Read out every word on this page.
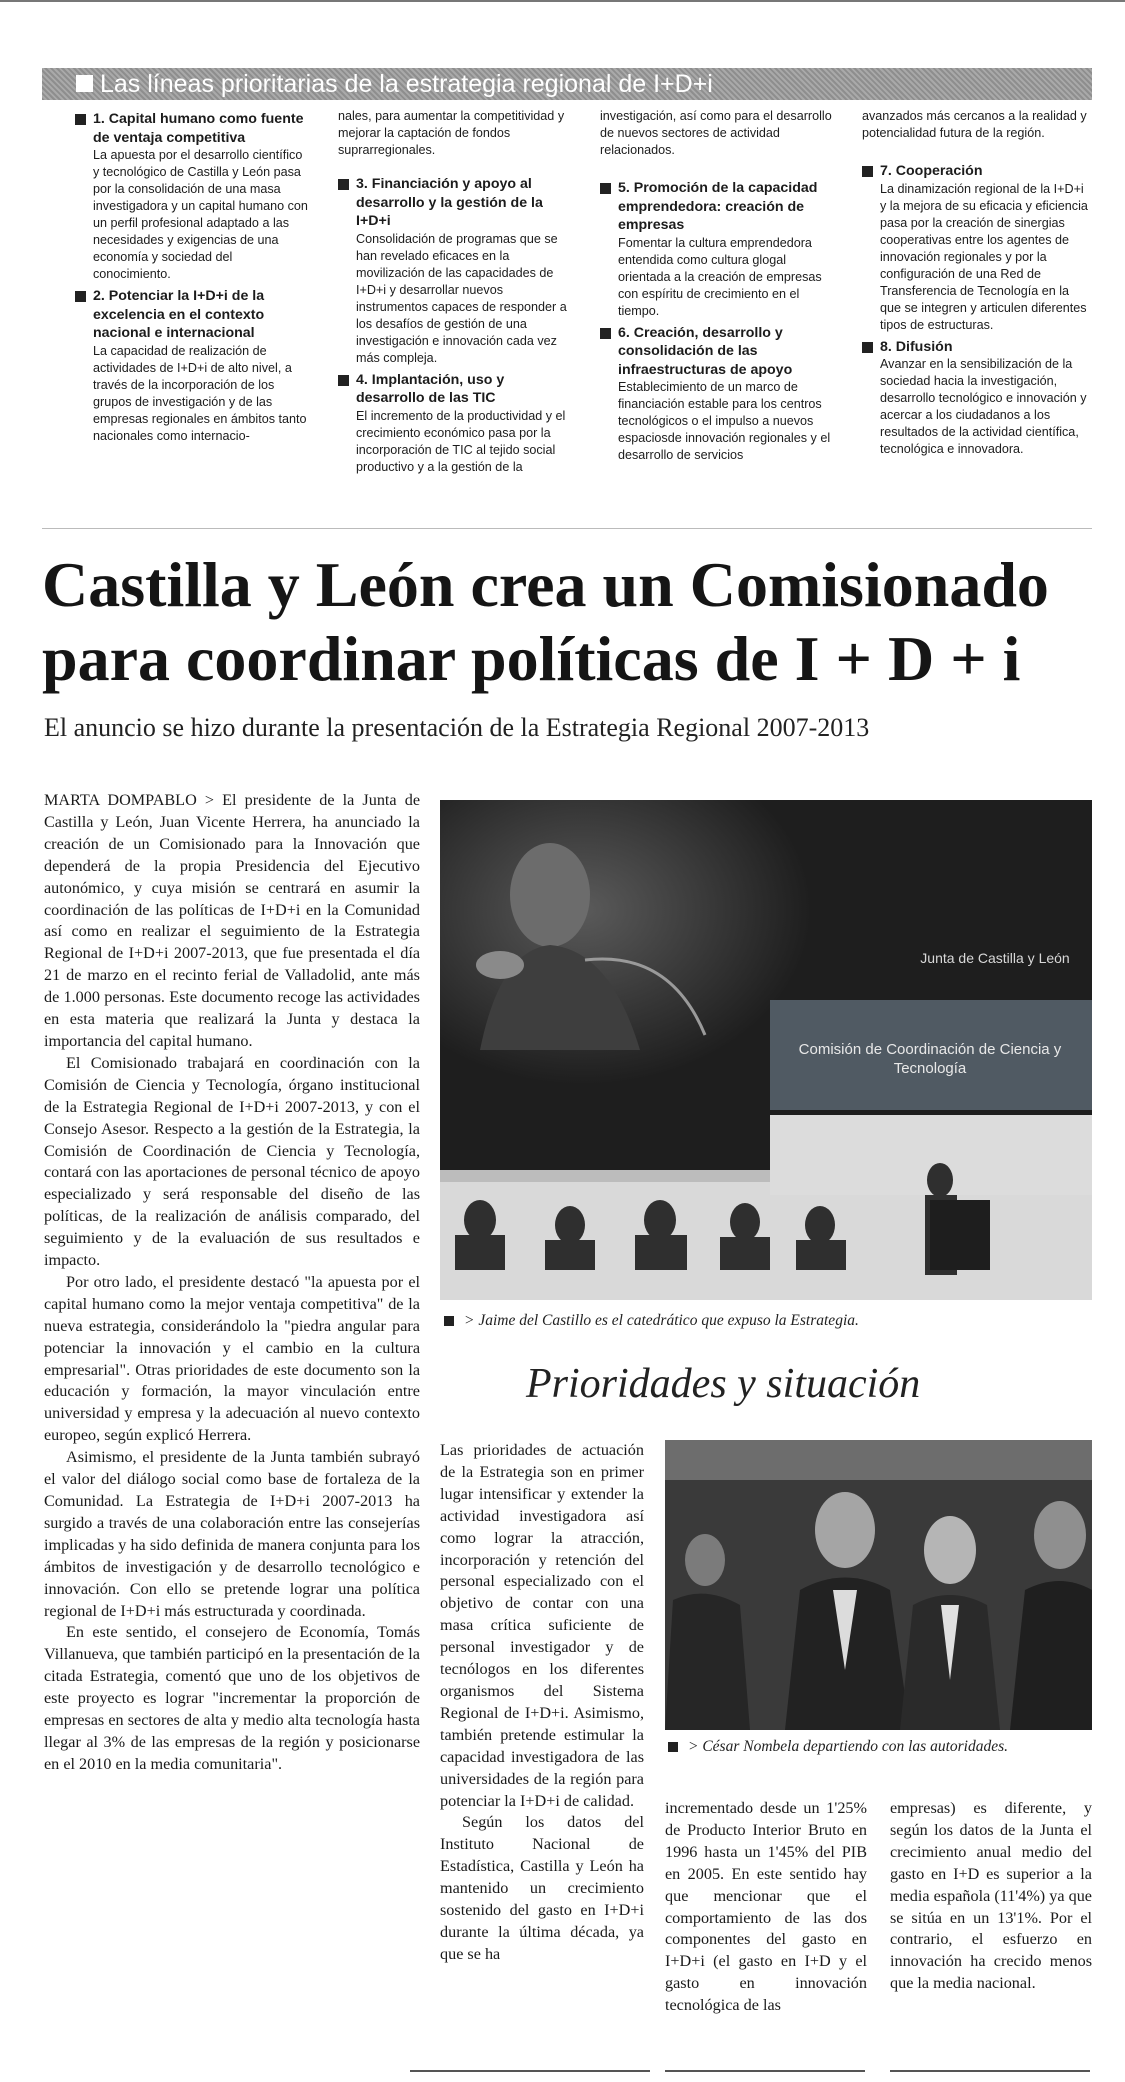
Las líneas prioritarias de la estrategia regional de I+D+i
1. Capital humano como fuente de ventaja competitiva
La apuesta por el desarrollo científico y tecnológico de Castilla y León pasa por la consolidación de una masa investigadora y un capital humano con un perfil profesional adaptado a las necesidades y exigencias de una economía y sociedad del conocimiento.
2. Potenciar la I+D+i de la excelencia en el contexto nacional e internacional
La capacidad de realización de actividades de I+D+i de alto nivel, a través de la incorporación de los grupos de investigación y de las empresas regionales en ámbitos tanto nacionales como internacio-
nales, para aumentar la competitividad y mejorar la captación de fondos suprarregionales.
3. Financiación y apoyo al desarrollo y la gestión de la I+D+i
Consolidación de programas que se han revelado eficaces en la movilización de las capacidades de I+D+i y desarrollar nuevos instrumentos capaces de responder a los desafíos de gestión de una investigación e innovación cada vez más compleja.
4. Implantación, uso y desarrollo de las TIC
El incremento de la productividad y el crecimiento económico pasa por la incorporación de TIC al tejido social productivo y a la gestión de la
investigación, así como para el desarrollo de nuevos sectores de actividad relacionados.
5. Promoción de la capacidad emprendedora: creación de empresas
Fomentar la cultura emprendedora entendida como cultura glogal orientada a la creación de empresas con espíritu de crecimiento en el tiempo.
6. Creación, desarrollo y consolidación de las infraestructuras de apoyo
Establecimiento de un marco de financiación estable para los centros tecnológicos o el impulso a nuevos espaciosde innovación regionales y el desarrollo de servicios
avanzados más cercanos a la realidad y potencialidad futura de la región.
7. Cooperación
La dinamización regional de la I+D+i y la mejora de su eficacia y eficiencia pasa por la creación de sinergias cooperativas entre los agentes de innovación regionales y por la configuración de una Red de Transferencia de Tecnología en la que se integren y articulen diferentes tipos de estructuras.
8. Difusión
Avanzar en la sensibilización de la sociedad hacia la investigación, desarrollo tecnológico e innovación y acercar a los ciudadanos a los resultados de la actividad científica, tecnológica e innovadora.
Castilla y León crea un Comisionado para coordinar políticas de I + D + i
El anuncio se hizo durante la presentación de la Estrategia Regional 2007-2013

MARTA DOMPABLO > El presidente de la Junta de Castilla y León, Juan Vicente Herrera, ha anunciado la creación de un Comisionado para la Innovación que dependerá de la propia Presidencia del Ejecutivo autonómico, y cuya misión se centrará en asumir la coordinación de las políticas de I+D+i en la Comunidad así como en realizar el seguimiento de la Estrategia Regional de I+D+i 2007-2013, que fue presentada el día 21 de marzo en el recinto ferial de Valladolid, ante más de 1.000 personas. Este documento recoge las actividades en esta materia que realizará la Junta y destaca la importancia del capital humano.

El Comisionado trabajará en coordinación con la Comisión de Ciencia y Tecnología, órgano institucional de la Estrategia Regional de I+D+i 2007-2013, y con el Consejo Asesor. Respecto a la gestión de la Estrategia, la Comisión de Coordinación de Ciencia y Tecnología, contará con las aportaciones de personal técnico de apoyo especializado y será responsable del diseño de las políticas, de la realización de análisis comparado, del seguimiento y de la evaluación de sus resultados e impacto.

Por otro lado, el presidente destacó "la apuesta por el capital humano como la mejor ventaja competitiva" de la nueva estrategia, considerándolo la "piedra angular para potenciar la innovación y el cambio en la cultura empresarial". Otras prioridades de este documento son la educación y formación, la mayor vinculación entre universidad y empresa y la adecuación al nuevo contexto europeo, según explicó Herrera.

Asimismo, el presidente de la Junta también subrayó el valor del diálogo social como base de fortaleza de la Comunidad. La Estrategia de I+D+i 2007-2013 ha surgido a través de una colaboración entre las consejerías implicadas y ha sido definida de manera conjunta para los ámbitos de investigación y de desarrollo tecnológico e innovación. Con ello se pretende lograr una política regional de I+D+i más estructurada y coordinada.

En este sentido, el consejero de Economía, Tomás Villanueva, que también participó en la presentación de la citada Estrategia, comentó que uno de los objetivos de este proyecto es lograr "incrementar la proporción de empresas en sectores de alta y medio alta tecnología hasta llegar al 3% de las empresas de la región y posicionarse en el 2010 en la media comunitaria".

Junta de Castilla y León
Comisión de Coordinación de Ciencia y Tecnología
> Jaime del Castillo es el catedrático que expuso la Estrategia.
Prioridades y situación

Las prioridades de actuación de la Estrategia son en primer lugar intensificar y extender la actividad investigadora así como lograr la atracción, incorporación y retención del personal especializado con el objetivo de contar con una masa crítica suficiente de personal investigador y de tecnólogos en los diferentes organismos del Sistema Regional de I+D+i. Asimismo, también pretende estimular la capacidad investigadora de las universidades de la región para potenciar la I+D+i de calidad.

Según los datos del Instituto Nacional de Estadística, Castilla y León ha mantenido un crecimiento sostenido del gasto en I+D+i durante la última década, ya que se ha

> César Nombela departiendo con las autoridades.

incrementado desde un 1'25% de Producto Interior Bruto en 1996 hasta un 1'45% del PIB en 2005. En este sentido hay que mencionar que el comportamiento de las dos componentes del gasto en I+D+i (el gasto en I+D y el gasto en innovación tecnológica de las

empresas) es diferente, y según los datos de la Junta el crecimiento anual medio del gasto en I+D es superior a la media española (11'4%) ya que se sitúa en un 13'1%. Por el contrario, el esfuerzo en innovación ha crecido menos que la media nacional.
